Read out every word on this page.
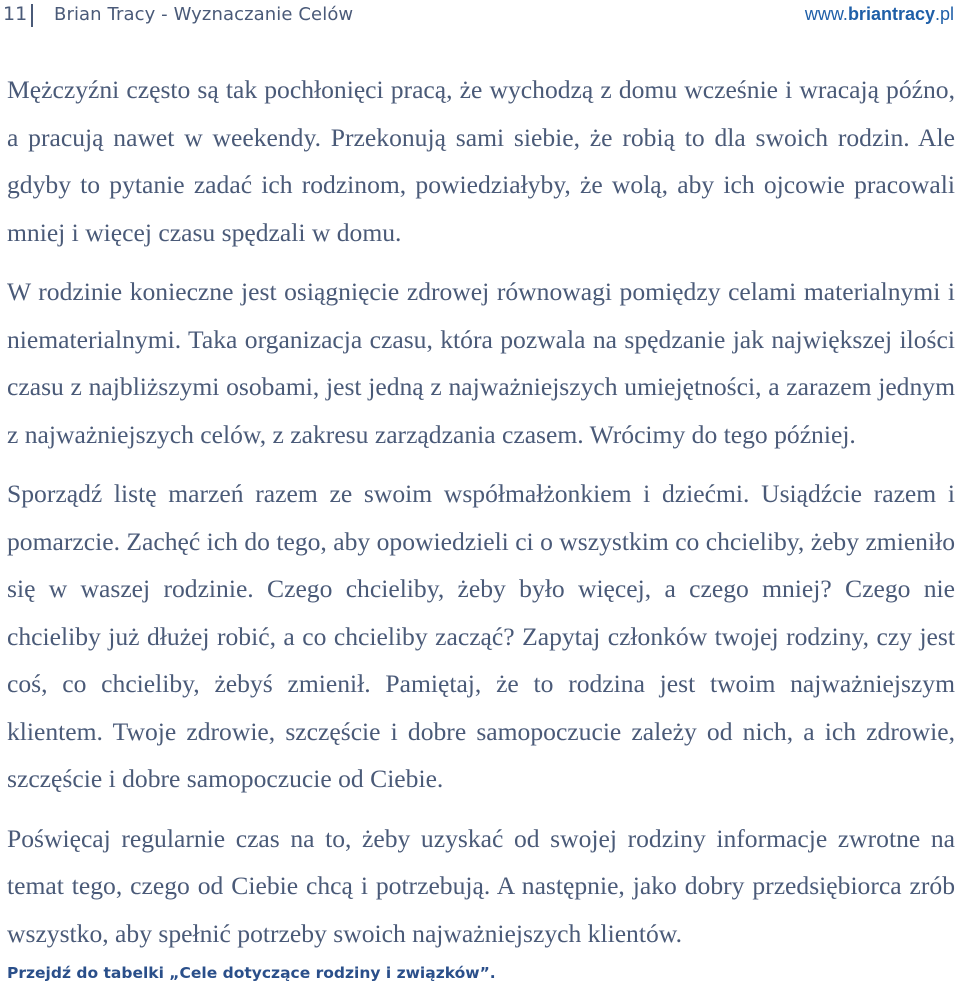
11 Brian Tracy - Wyznaczanie Celów	www.briantracy.pl

Mężczyźni często są tak pochłonięci pracą, że wychodzą z domu wcześnie i wracają późno, a pracują nawet w weekendy. Przekonują sami siebie, że robią to dla swoich rodzin. Ale gdyby to pytanie zadać ich rodzinom, powiedziałyby, że wolą, aby ich ojcowie pracowali mniej i więcej czasu spędzali w domu.

W rodzinie konieczne jest osiągnięcie zdrowej równowagi pomiędzy celami materialnymi i niematerialnymi. Taka organizacja czasu, która pozwala na spędzanie jak największej ilości czasu z najbliższymi osobami, jest jedną z najważniejszych umiejętności, a zarazem jednym z najważniejszych celów, z zakresu zarządzania czasem. Wrócimy do tego później.

Sporządź listę marzeń razem ze swoim współmałżonkiem i dziećmi. Usiądźcie razem i pomarzcie. Zachęć ich do tego, aby opowiedzieli ci o wszystkim co chcieliby, żeby zmieniło się w waszej rodzinie. Czego chcieliby, żeby było więcej, a czego mniej? Czego nie chcieliby już dłużej robić, a co chcieliby zacząć? Zapytaj członków twojej rodziny, czy jest coś, co chcieliby, żebyś zmienił. Pamiętaj, że to rodzina jest twoim najważniejszym klientem. Twoje zdrowie, szczęście i dobre samopoczucie zależy od nich, a ich zdrowie, szczęście i dobre samopoczucie od Ciebie.

Poświęcaj regularnie czas na to, żeby uzyskać od swojej rodziny informacje zwrotne na temat tego, czego od Ciebie chcą i potrzebują. A następnie, jako dobry przedsiębiorca zrób wszystko, aby spełnić potrzeby swoich najważniejszych klientów.

Przejdź do tabelki „Cele dotyczące rodziny i związków”.
